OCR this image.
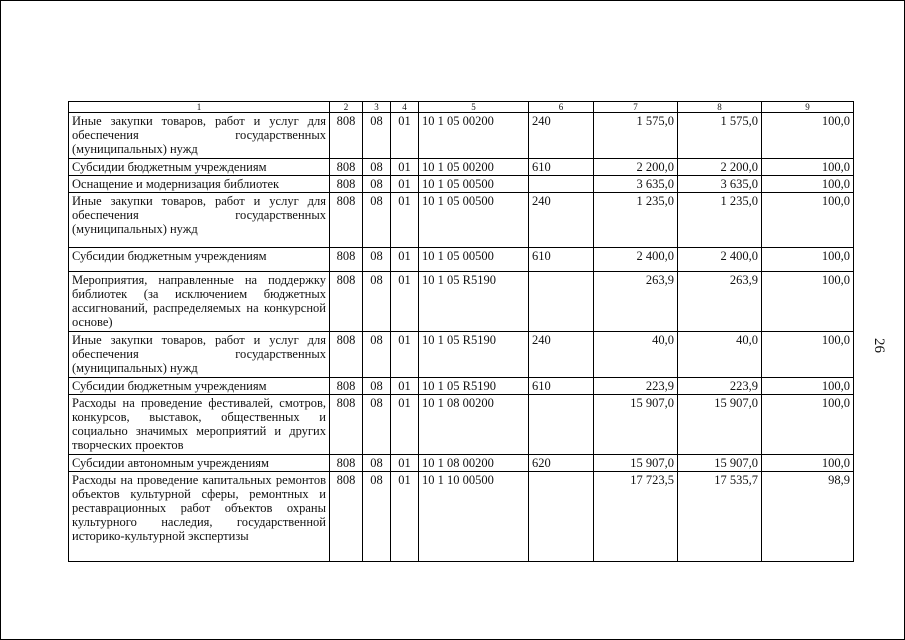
1	2	3	4	5	6	7	8	9
Иные закупки товаров, работ и услуг для обеспечения государственных (муниципальных) нужд	808	08	01	10 1 05 00200	240	1 575,0	1 575,0	100,0
Субсидии бюджетным учреждениям	808	08	01	10 1 05 00200	610	2 200,0	2 200,0	100,0
Оснащение и модернизация библиотек	808	08	01	10 1 05 00500		3 635,0	3 635,0	100,0
Иные закупки товаров, работ и услуг для обеспечения государственных (муниципальных) нужд	808	08	01	10 1 05 00500	240	1 235,0	1 235,0	100,0
Субсидии бюджетным учреждениям	808	08	01	10 1 05 00500	610	2 400,0	2 400,0	100,0
Мероприятия, направленные на поддержку библиотек (за исключением бюджетных ассигнований, распределяемых на конкурсной основе)	808	08	01	10 1 05 R5190		263,9	263,9	100,0
Иные закупки товаров, работ и услуг для обеспечения государственных (муниципальных) нужд	808	08	01	10 1 05 R5190	240	40,0	40,0	100,0
Субсидии бюджетным учреждениям	808	08	01	10 1 05 R5190	610	223,9	223,9	100,0
Расходы на проведение фестивалей, смотров, конкурсов, выставок, общественных и социально значимых мероприятий и других творческих проектов	808	08	01	10 1 08 00200		15 907,0	15 907,0	100,0
Субсидии автономным учреждениям	808	08	01	10 1 08 00200	620	15 907,0	15 907,0	100,0
Расходы на проведение капитальных ремонтов объектов культурной сферы, ремонтных и реставрационных работ объектов охраны культурного наследия, государственной историко-культурной экспертизы	808	08	01	10 1 10 00500		17 723,5	17 535,7	98,9
26
